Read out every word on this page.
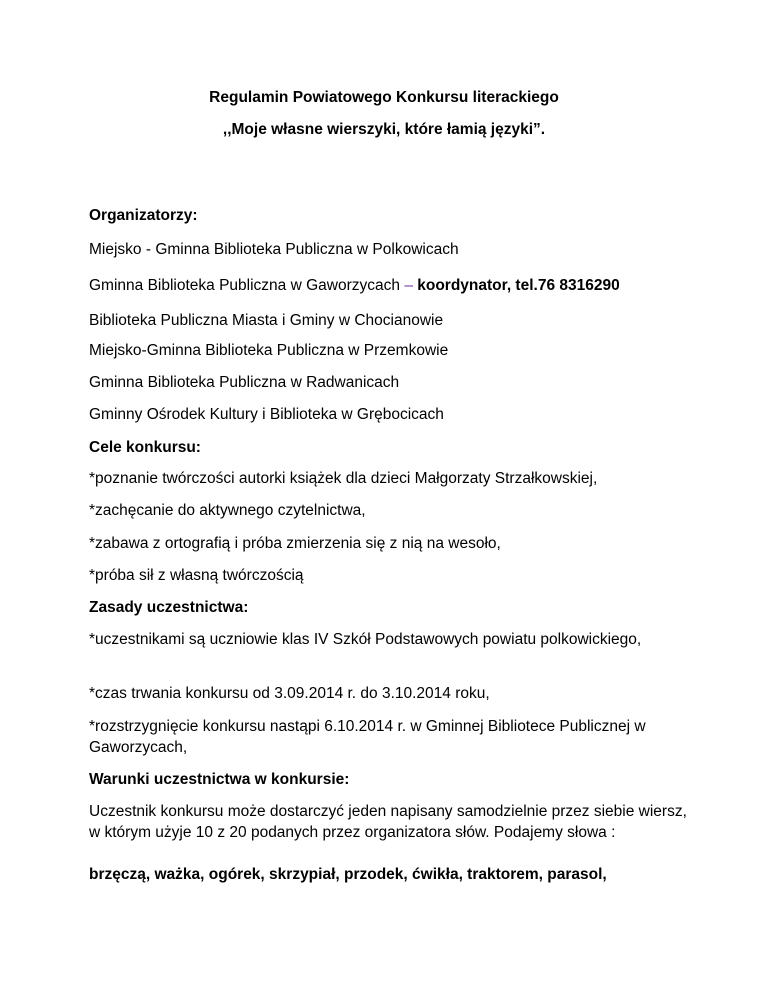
Regulamin Powiatowego Konkursu literackiego
,,Moje własne wierszyki, które łamią języki”.
Organizatorzy:
Miejsko - Gminna Biblioteka Publiczna w Polkowicach
Gminna Biblioteka Publiczna w Gaworzycach – koordynator, tel.76 8316290
Biblioteka Publiczna Miasta i Gminy w Chocianowie
Miejsko-Gminna Biblioteka Publiczna w Przemkowie
Gminna Biblioteka Publiczna w Radwanicach
Gminny Ośrodek Kultury i Biblioteka w Grębocicach
Cele konkursu:
*poznanie twórczości autorki książek dla dzieci Małgorzaty Strzałkowskiej,
*zachęcanie do aktywnego czytelnictwa,
*zabawa z ortografią i próba zmierzenia się z nią na wesoło,
*próba sił z własną twórczością
Zasady uczestnictwa:
*uczestnikami są uczniowie klas IV Szkół Podstawowych powiatu polkowickiego,
*czas trwania konkursu od 3.09.2014 r. do 3.10.2014 roku,
*rozstrzygnięcie konkursu nastąpi 6.10.2014 r. w Gminnej Bibliotece Publicznej w Gaworzycach,
Warunki uczestnictwa w konkursie:
Uczestnik konkursu może dostarczyć jeden napisany samodzielnie przez siebie wiersz, w którym użyje 10 z 20 podanych przez organizatora słów. Podajemy słowa :
brzęczą, ważka, ogórek, skrzypiał, przodek, ćwikła, traktorem, parasol,
